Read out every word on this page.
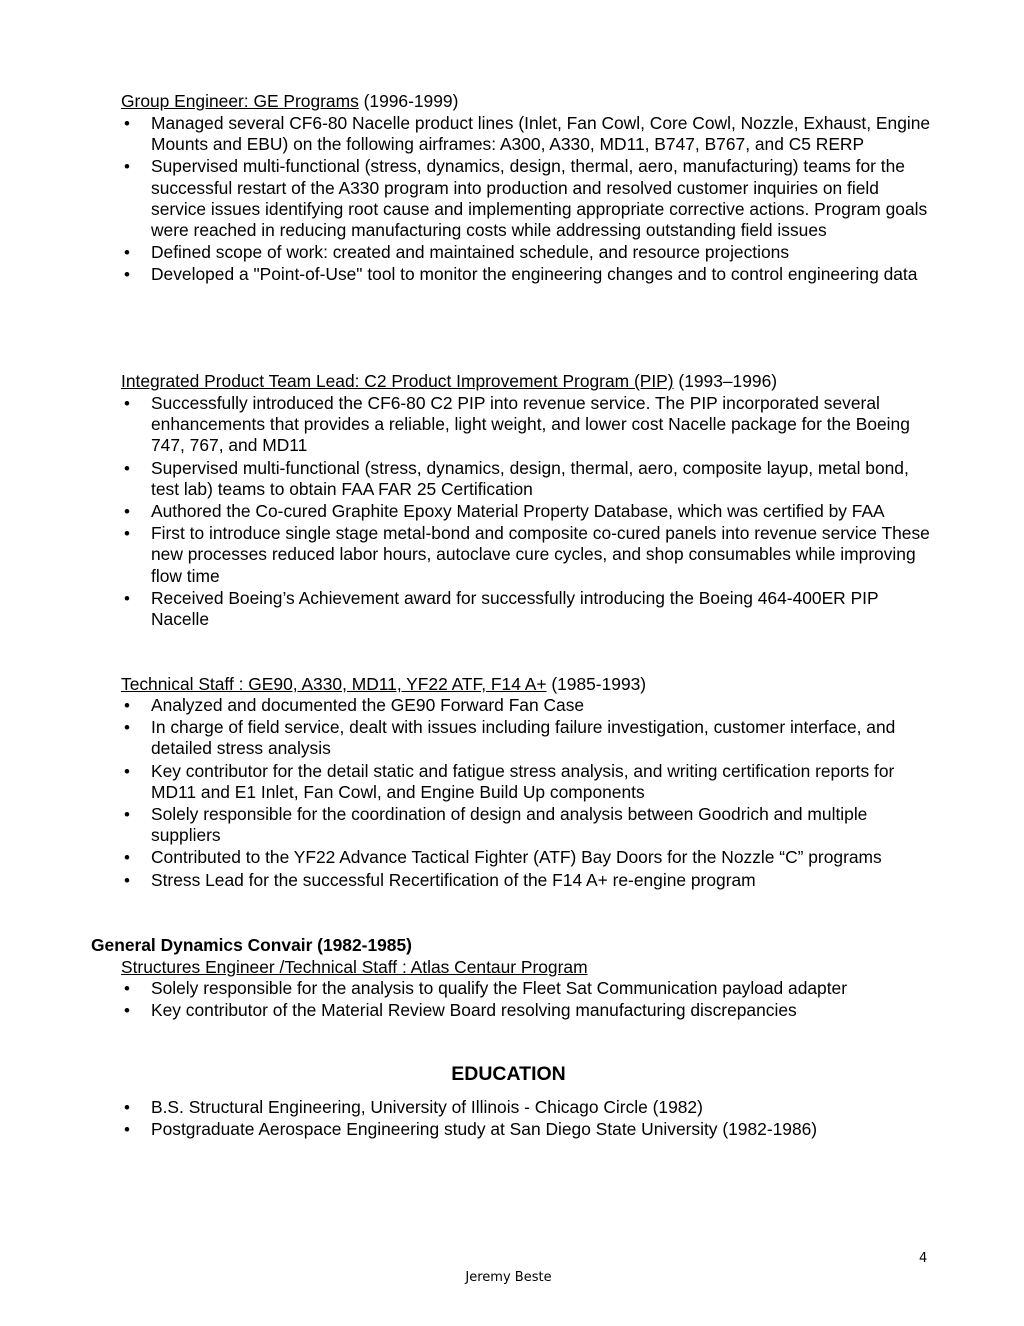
Group Engineer: GE Programs (1996-1999)
• Managed several CF6-80 Nacelle product lines (Inlet, Fan Cowl, Core Cowl, Nozzle, Exhaust, Engine Mounts and EBU) on the following airframes: A300, A330, MD11, B747, B767, and C5 RERP
• Supervised multi-functional (stress, dynamics, design, thermal, aero, manufacturing) teams for the successful restart of the A330 program into production and resolved customer inquiries on field service issues identifying root cause and implementing appropriate corrective actions. Program goals were reached in reducing manufacturing costs while addressing outstanding field issues
• Defined scope of work: created and maintained schedule, and resource projections
• Developed a "Point-of-Use" tool to monitor the engineering changes and to control engineering data
Integrated Product Team Lead: C2 Product Improvement Program (PIP) (1993–1996)
• Successfully introduced the CF6-80 C2 PIP into revenue service. The PIP incorporated several enhancements that provides a reliable, light weight, and lower cost Nacelle package for the Boeing 747, 767, and MD11
• Supervised multi-functional (stress, dynamics, design, thermal, aero, composite layup, metal bond, test lab) teams to obtain FAA FAR 25 Certification
• Authored the Co-cured Graphite Epoxy Material Property Database, which was certified by FAA
• First to introduce single stage metal-bond and composite co-cured panels into revenue service These new processes reduced labor hours, autoclave cure cycles, and shop consumables while improving flow time
• Received Boeing’s Achievement award for successfully introducing the Boeing 464-400ER PIP Nacelle
Technical Staff : GE90, A330, MD11, YF22 ATF, F14 A+ (1985-1993)
• Analyzed and documented the GE90 Forward Fan Case
• In charge of field service, dealt with issues including failure investigation, customer interface, and detailed stress analysis
• Key contributor for the detail static and fatigue stress analysis, and writing certification reports for MD11 and E1 Inlet, Fan Cowl, and Engine Build Up components
• Solely responsible for the coordination of design and analysis between Goodrich and multiple suppliers
• Contributed to the YF22 Advance Tactical Fighter (ATF) Bay Doors for the Nozzle “C” programs
• Stress Lead for the successful Recertification of the F14 A+ re-engine program
General Dynamics Convair (1982-1985)
Structures Engineer /Technical Staff : Atlas Centaur Program
• Solely responsible for the analysis to qualify the Fleet Sat Communication payload adapter
• Key contributor of the Material Review Board resolving manufacturing discrepancies
EDUCATION
• B.S. Structural Engineering, University of Illinois - Chicago Circle (1982)
• Postgraduate Aerospace Engineering study at San Diego State University (1982-1986)
4
Jeremy Beste
